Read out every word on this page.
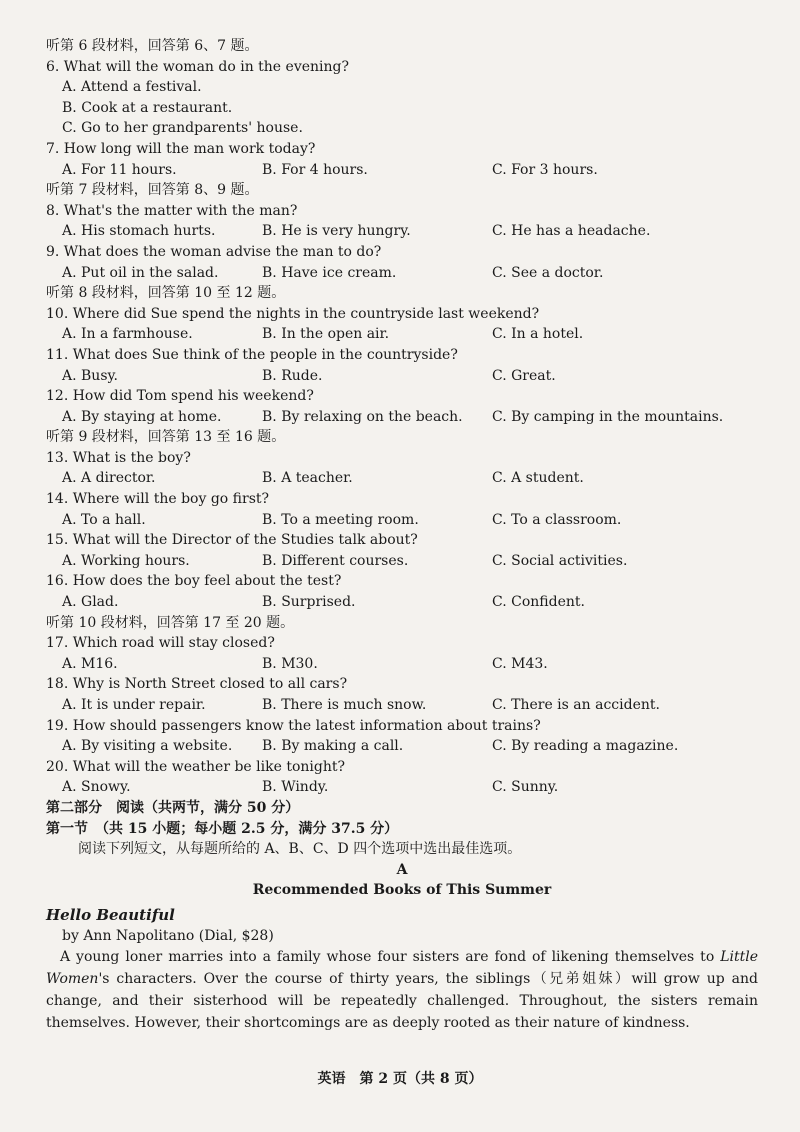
听第 6 段材料，回答第 6、7 题。
6. What will the woman do in the evening?
A. Attend a festival.
B. Cook at a restaurant.
C. Go to her grandparents' house.
7. How long will the man work today?
A. For 11 hours.	B. For 4 hours.	C. For 3 hours.
听第 7 段材料，回答第 8、9 题。
8. What's the matter with the man?
A. His stomach hurts.	B. He is very hungry.	C. He has a headache.
9. What does the woman advise the man to do?
A. Put oil in the salad.	B. Have ice cream.	C. See a doctor.
听第 8 段材料，回答第 10 至 12 题。
10. Where did Sue spend the nights in the countryside last weekend?
A. In a farmhouse.	B. In the open air.	C. In a hotel.
11. What does Sue think of the people in the countryside?
A. Busy.	B. Rude.	C. Great.
12. How did Tom spend his weekend?
A. By staying at home.	B. By relaxing on the beach. C. By camping in the mountains.
听第 9 段材料，回答第 13 至 16 题。
13. What is the boy?
A. A director.	B. A teacher.	C. A student.
14. Where will the boy go first?
A. To a hall.	B. To a meeting room.	C. To a classroom.
15. What will the Director of the Studies talk about?
A. Working hours.	B. Different courses.	C. Social activities.
16. How does the boy feel about the test?
A. Glad.	B. Surprised.	C. Confident.
听第 10 段材料，回答第 17 至 20 题。
17. Which road will stay closed?
A. M16.	B. M30.	C. M43.
18. Why is North Street closed to all cars?
A. It is under repair.	B. There is much snow.	C. There is an accident.
19. How should passengers know the latest information about trains?
A. By visiting a website. B. By making a call.	C. By reading a magazine.
20. What will the weather be like tonight?
A. Snowy.	B. Windy.	C. Sunny.
第二部分　阅读（共两节，满分 50 分）
第一节　（共 15 小题；每小题 2.5 分，满分 37.5 分）
阅读下列短文，从每题所给的 A、B、C、D 四个选项中选出最佳选项。
A
Recommended Books of This Summer
Hello Beautiful
by Ann Napolitano (Dial, $28)
A young loner marries into a family whose four sisters are fond of likening themselves to Little Women's characters. Over the course of thirty years, the siblings（兄弟姐妹）will grow up and change, and their sisterhood will be repeatedly challenged. Throughout, the sisters remain themselves. However, their shortcomings are as deeply rooted as their nature of kindness.
英语　第 2 页（共 8 页）
